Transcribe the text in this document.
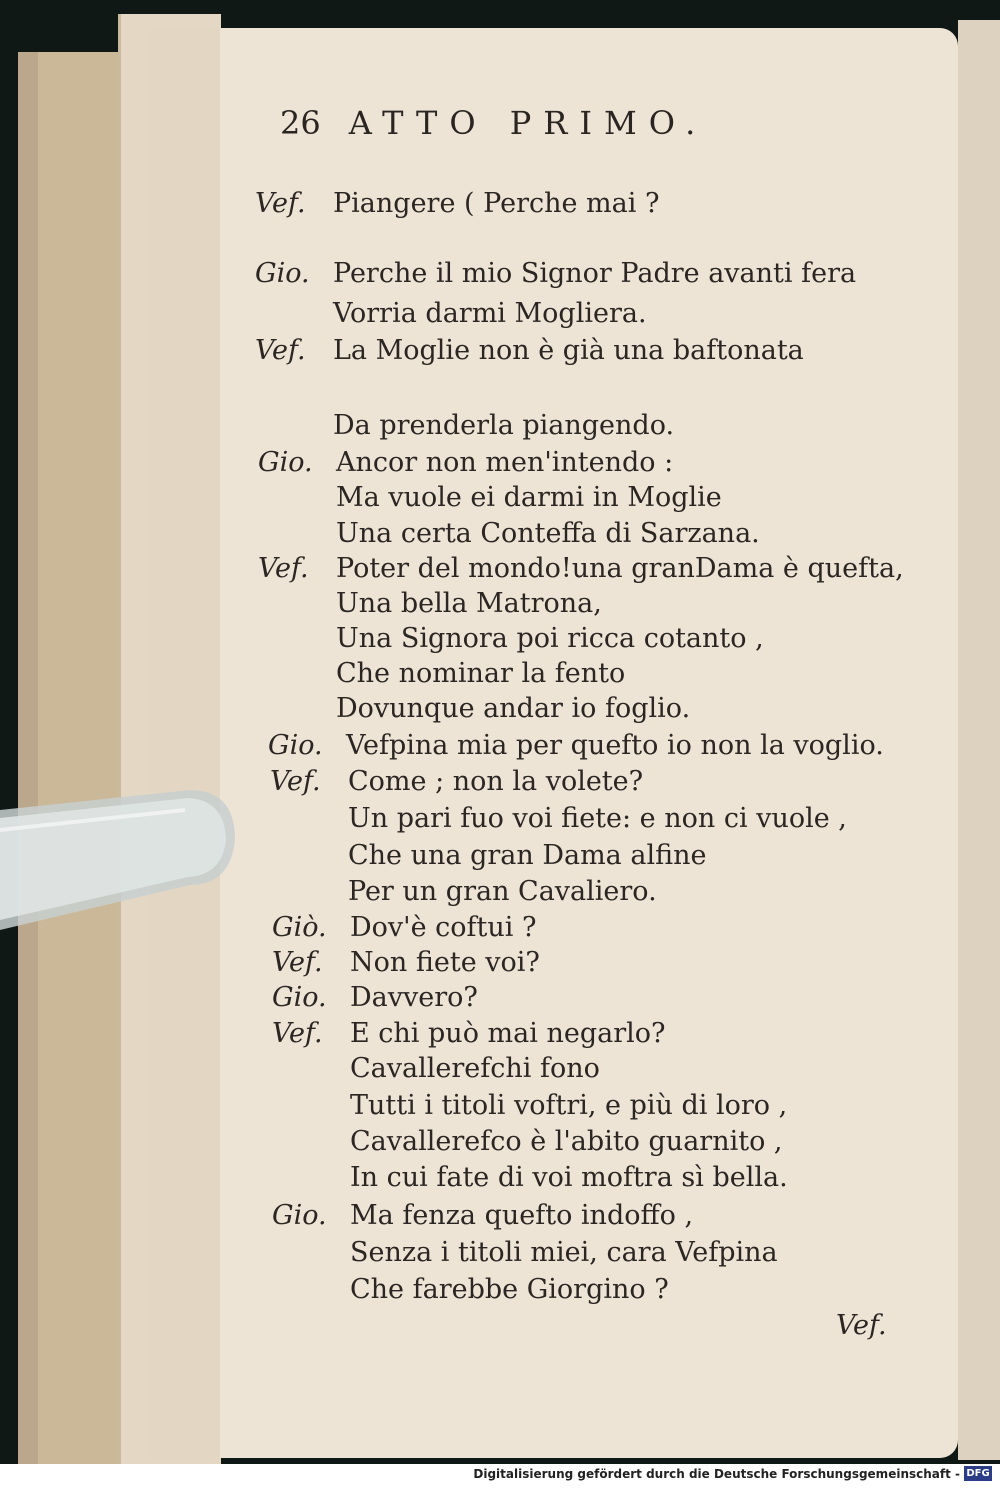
26 ATTO PRIMO.
Vef. Piangere ( Perche mai ?
Gio. Perche il mio Signor Padre avanti fera
Vorria darmi Mogliera.
Vef. La Moglie non è già una baftonata
Da prenderla piangendo.
Gio. Ancor non men'intendo :
Ma vuole ei darmi in Moglie
Una certa Conteffa di Sarzana.
Vef. Poter del mondo!una granDama è quefta,
Una bella Matrona,
Una Signora poi ricca cotanto ,
Che nominar la fento
Dovunque andar io foglio.
Gio. Vefpina mia per quefto io non la voglio.
Vef. Come ; non la volete?
Un pari fuo voi fiete: e non ci vuole ,
Che una gran Dama alfine
Per un gran Cavaliero.
Giò. Dov'è coftui ?
Vef. Non fiete voi?
Gio. Davvero?
Vef. E chi può mai negarlo?
Cavallerefchi fono
Tutti i titoli voftri, e più di loro ,
Cavallerefco è l'abito guarnito ,
In cui fate di voi moftra sì bella.
Gio. Ma fenza quefto indoffo ,
Senza i titoli miei, cara Vefpina
Che farebbe Giorgino ?
Vef.
Digitalisierung gefördert durch die Deutsche Forschungsgemeinschaft - DFG
